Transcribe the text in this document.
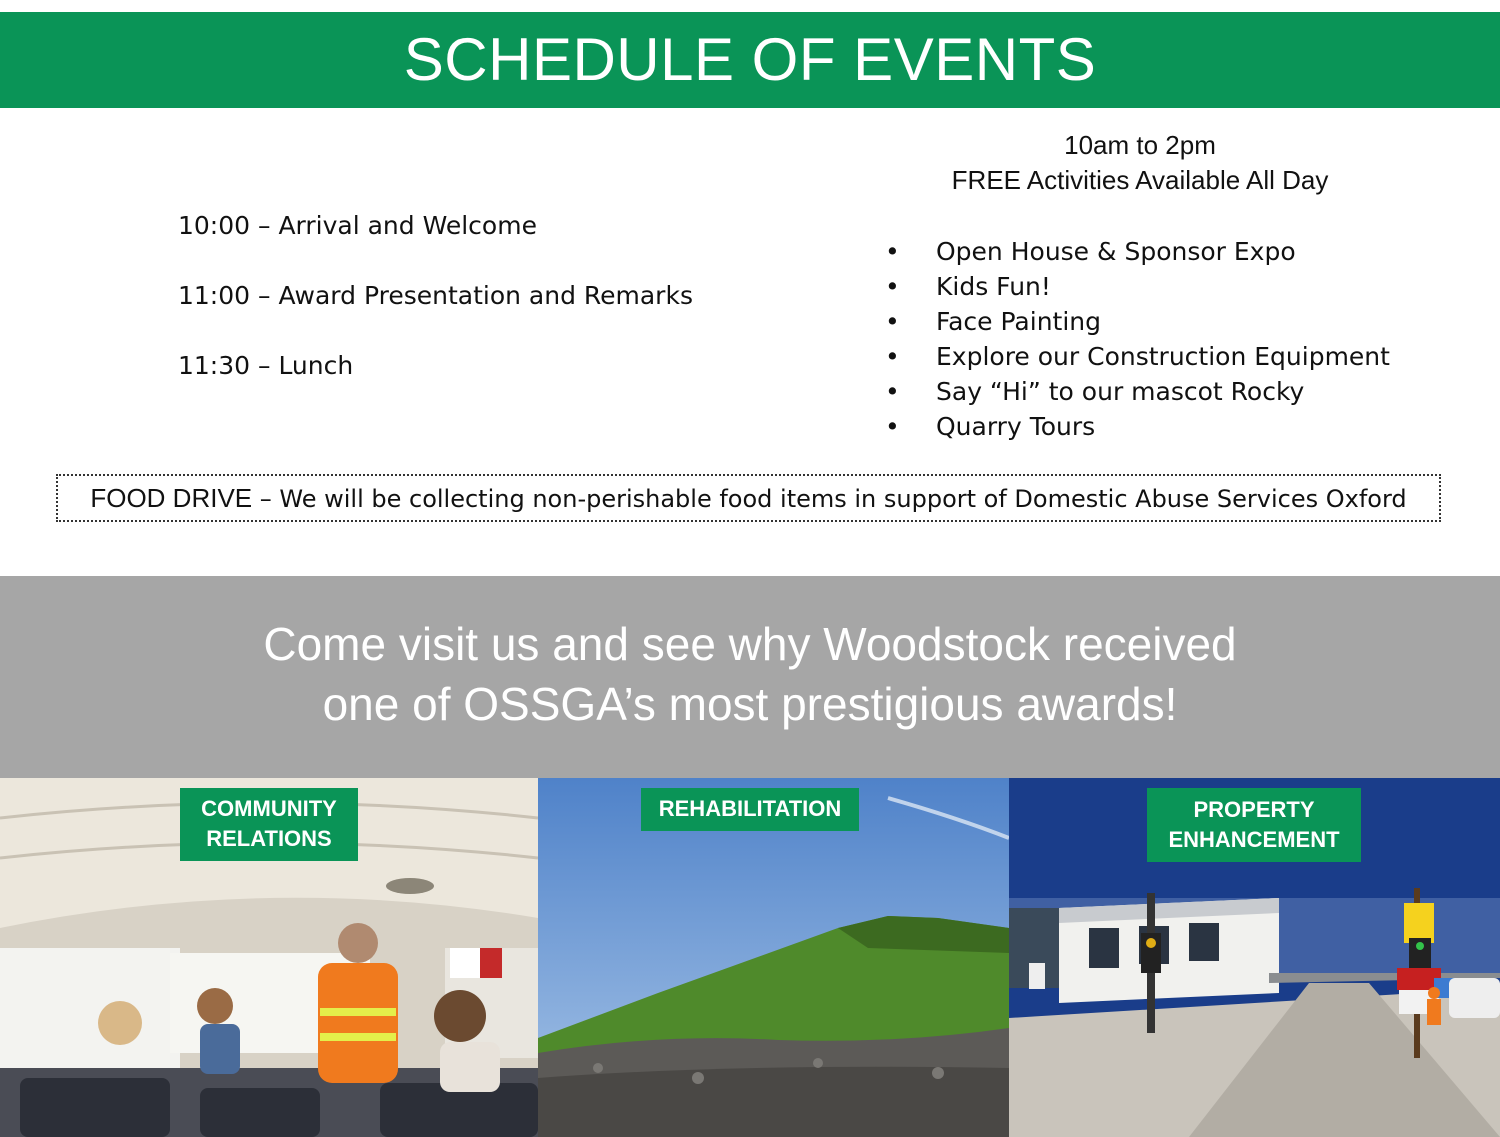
SCHEDULE OF EVENTS
10:00 – Arrival and Welcome
11:00 – Award Presentation and Remarks
11:30 – Lunch
10am to 2pm
FREE Activities Available All Day
•	Open House & Sponsor Expo
•	Kids Fun!
•	Face Painting
•	Explore our Construction Equipment
•	Say “Hi” to our mascot Rocky
•	Quarry Tours
FOOD DRIVE – We will be collecting non-perishable food items in support of Domestic Abuse Services Oxford
Come visit us and see why Woodstock received
one of OSSGA’s most prestigious awards!
COMMUNITY
RELATIONS
REHABILITATION	PROPERTY
ENHANCEMENT
